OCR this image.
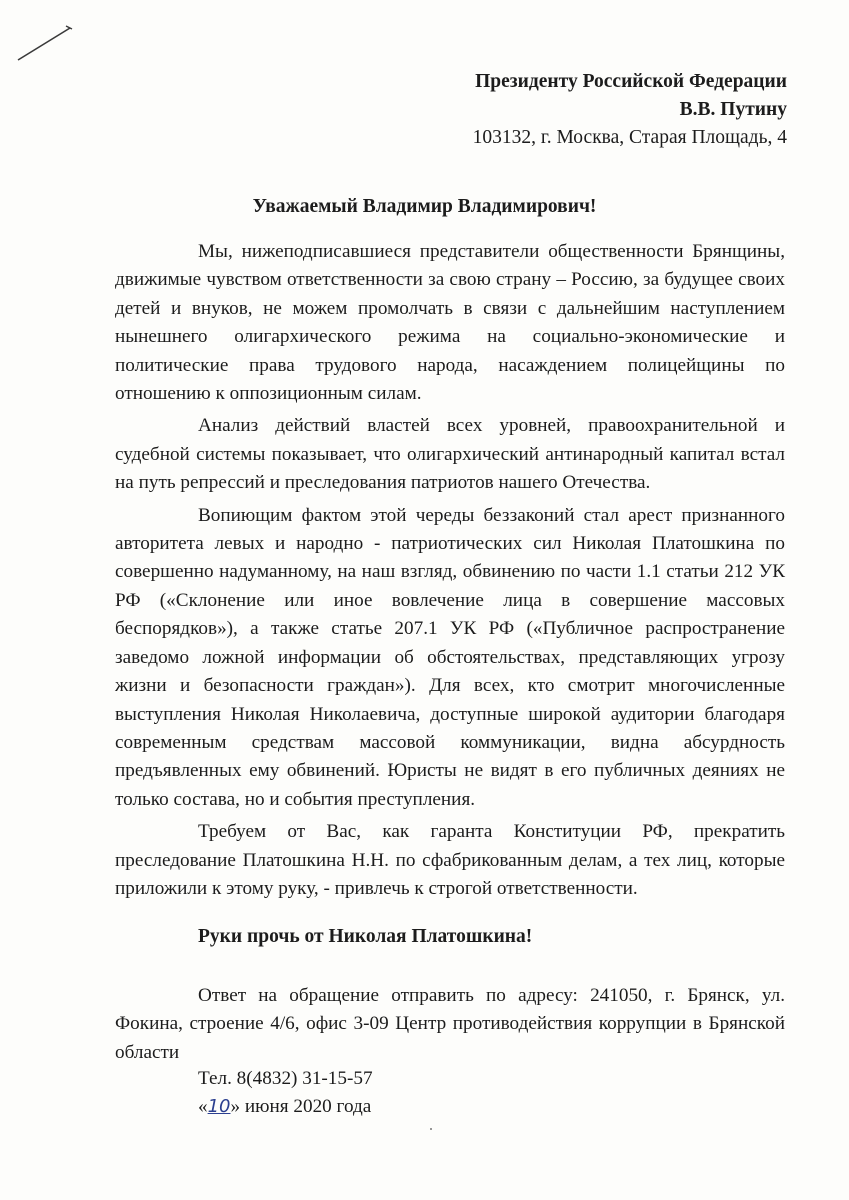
Президенту Российской Федерации
В.В. Путину
103132, г. Москва, Старая Площадь, 4
Уважаемый Владимир Владимирович!

Мы, нижеподписавшиеся представители общественности Брянщины, движимые чувством ответственности за свою страну – Россию, за будущее своих детей и внуков, не можем промолчать в связи с дальнейшим наступлением нынешнего олигархического режима на социально-экономические и политические права трудового народа, насаждением полицейщины по отношению к оппозиционным силам.

Анализ действий властей всех уровней, правоохранительной и судебной системы показывает, что олигархический антинародный капитал встал на путь репрессий и преследования патриотов нашего Отечества.

Вопиющим фактом этой череды беззаконий стал арест признанного авторитета левых и народно - патриотических сил Николая Платошкина по совершенно надуманному, на наш взгляд, обвинению по части 1.1 статьи 212 УК РФ («Склонение или иное вовлечение лица в совершение массовых беспорядков»), а также статье 207.1 УК РФ («Публичное распространение заведомо ложной информации об обстоятельствах, представляющих угрозу жизни и безопасности граждан»). Для всех, кто смотрит многочисленные выступления Николая Николаевича, доступные широкой аудитории благодаря современным средствам массовой коммуникации, видна абсурдность предъявленных ему обвинений. Юристы не видят в его публичных деяниях не только состава, но и события преступления.

Требуем от Вас, как гаранта Конституции РФ, прекратить преследование Платошкина Н.Н. по сфабрикованным делам, а тех лиц, которые приложили к этому руку, - привлечь к строгой ответственности.

Руки прочь от Николая Платошкина!

Ответ на обращение отправить по адресу: 241050, г. Брянск, ул. Фокина, строение 4/6, офис 3-09 Центр противодействия коррупции в Брянской области

Тел. 8(4832) 31-15-57
«10» июня 2020 года
